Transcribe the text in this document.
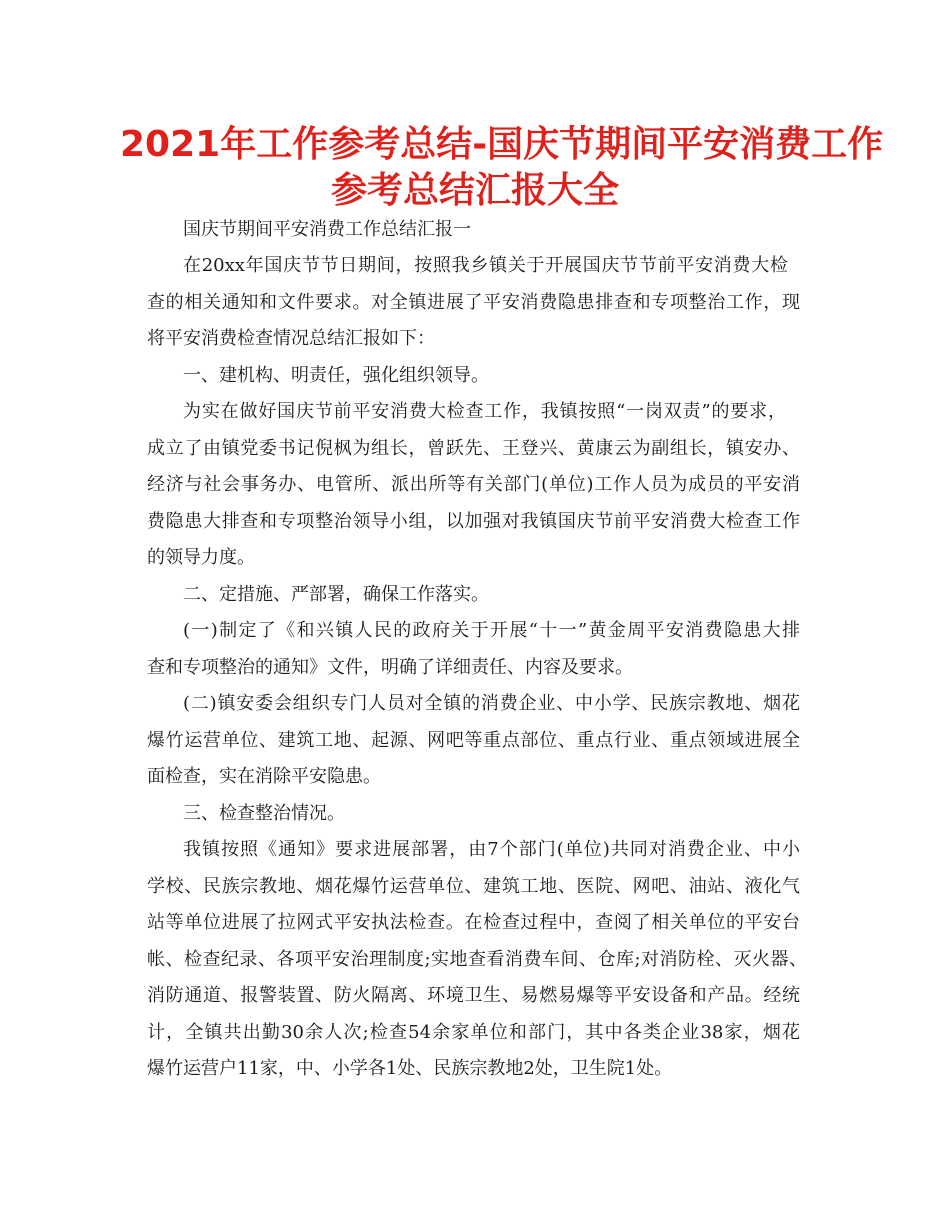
2021年工作参考总结-国庆节期间平安消费工作
参考总结汇报大全
国庆节期间平安消费工作总结汇报一
在20xx年国庆节节日期间，按照我乡镇关于开展国庆节节前平安消费大检
查的相关通知和文件要求。对全镇进展了平安消费隐患排查和专项整治工作，现
将平安消费检查情况总结汇报如下：
一、建机构、明责任，强化组织领导。
为实在做好国庆节前平安消费大检查工作，我镇按照“一岗双责”的要求，
成立了由镇党委书记倪枫为组长，曾跃先、王登兴、黄康云为副组长，镇安办、
经济与社会事务办、电管所、派出所等有关部门(单位)工作人员为成员的平安消
费隐患大排查和专项整治领导小组，以加强对我镇国庆节前平安消费大检查工作
的领导力度。
二、定措施、严部署，确保工作落实。
(一)制定了《和兴镇人民的政府关于开展“十一”黄金周平安消费隐患大排
查和专项整治的通知》文件，明确了详细责任、内容及要求。
(二)镇安委会组织专门人员对全镇的消费企业、中小学、民族宗教地、烟花
爆竹运营单位、建筑工地、起源、网吧等重点部位、重点行业、重点领域进展全
面检查，实在消除平安隐患。
三、检查整治情况。
我镇按照《通知》要求进展部署，由7个部门(单位)共同对消费企业、中小
学校、民族宗教地、烟花爆竹运营单位、建筑工地、医院、网吧、油站、液化气
站等单位进展了拉网式平安执法检查。在检查过程中，查阅了相关单位的平安台
帐、检查纪录、各项平安治理制度;实地查看消费车间、仓库;对消防栓、灭火器、
消防通道、报警装置、防火隔离、环境卫生、易燃易爆等平安设备和产品。经统
计，全镇共出勤30余人次;检查54余家单位和部门，其中各类企业38家，烟花
爆竹运营户11家，中、小学各1处、民族宗教地2处，卫生院1处。
